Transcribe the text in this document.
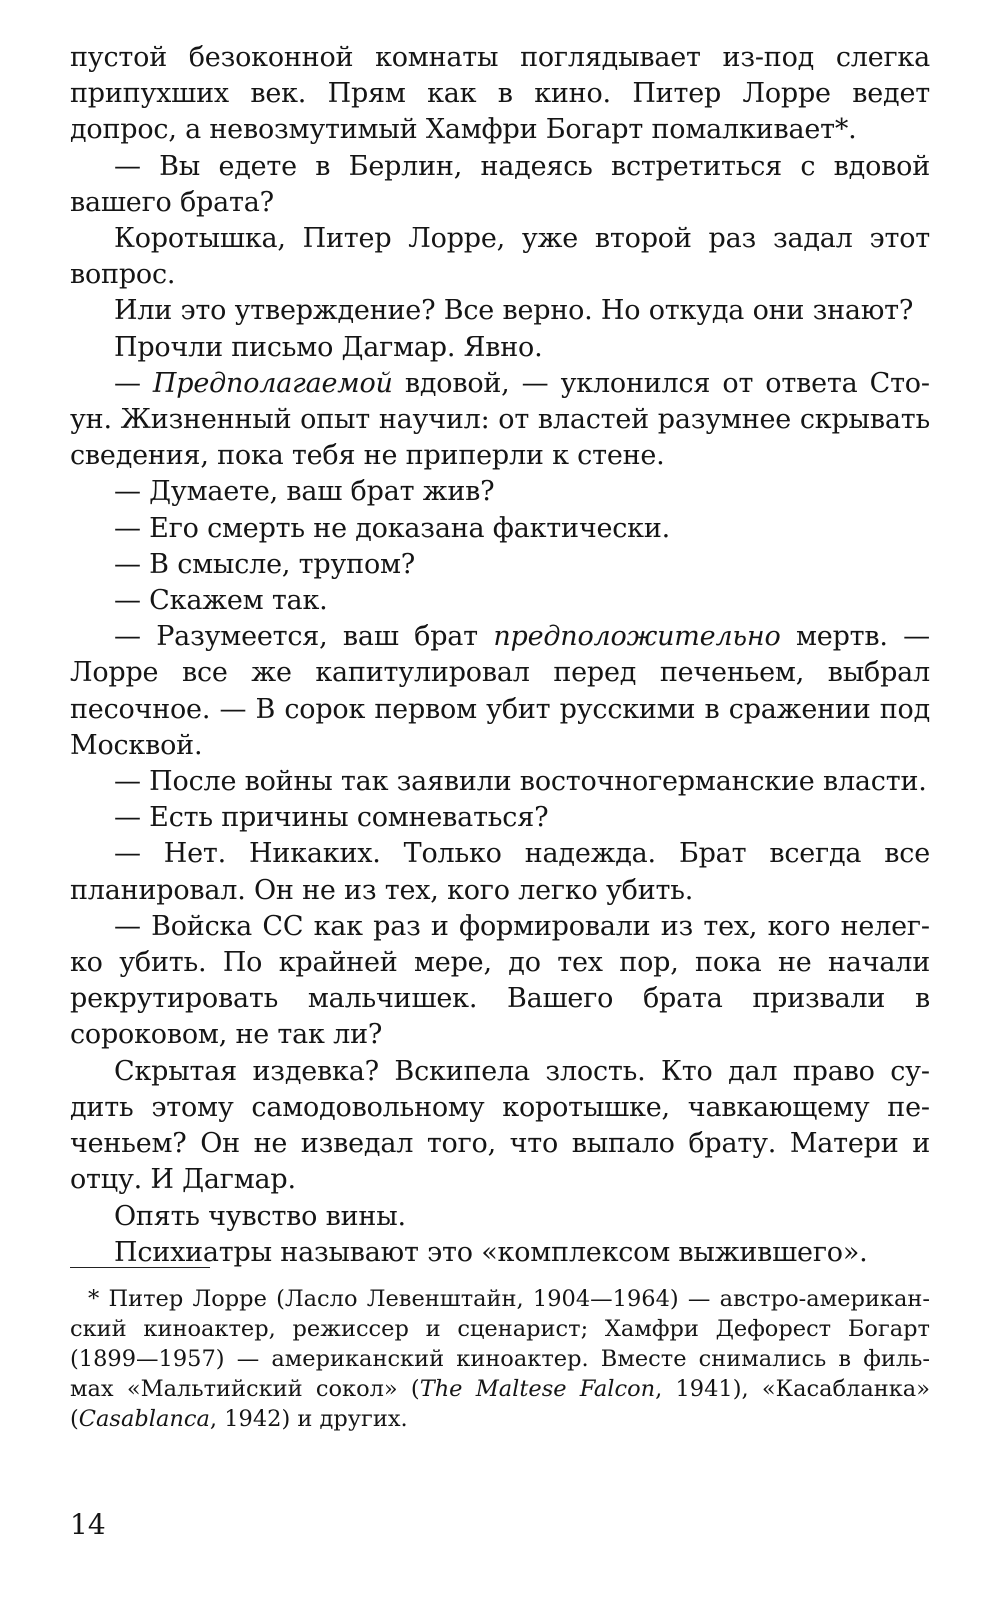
пустой безоконной комнаты поглядывает из-под слегка припухших век. Прям как в кино. Питер Лорре ведет допрос, а невозмутимый Хамфри Богарт помалкивает*.

— Вы едете в Берлин, надеясь встретиться с вдовой вашего брата?

Коротышка, Питер Лорре, уже второй раз задал этот вопрос.

Или это утверждение? Все верно. Но откуда они знают?

Прочли письмо Дагмар. Явно.

— Предполагаемой вдовой, — уклонился от ответа Стоун. Жизненный опыт научил: от властей разумнее скрывать сведения, пока тебя не приперли к стене.

— Думаете, ваш брат жив?

— Его смерть не доказана фактически.

— В смысле, трупом?

— Скажем так.

— Разумеется, ваш брат предположительно мертв. — Лорре все же капитулировал перед печеньем, выбрал песочное. — В сорок первом убит русскими в сражении под Москвой.

— После войны так заявили восточногерманские власти.

— Есть причины сомневаться?

— Нет. Никаких. Только надежда. Брат всегда все планировал. Он не из тех, кого легко убить.

— Войска СС как раз и формировали из тех, кого нелегко убить. По крайней мере, до тех пор, пока не начали рекрутировать мальчишек. Вашего брата призвали в сороковом, не так ли?

Скрытая издевка? Вскипела злость. Кто дал право судить этому самодовольному коротышке, чавкающему печеньем? Он не изведал того, что выпало брату. Матери и отцу. И Дагмар.

Опять чувство вины.

Психиатры называют это «комплексом выжившего».

* Питер Лорре (Ласло Левенштайн, 1904—1964) — австро-американский киноактер, режиссер и сценарист; Хамфри Дефорест Богарт (1899—1957) — американский киноактер. Вместе снимались в фильмах «Мальтийский сокол» (The Maltese Falcon, 1941), «Касабланка» (Casablanca, 1942) и других.

14
